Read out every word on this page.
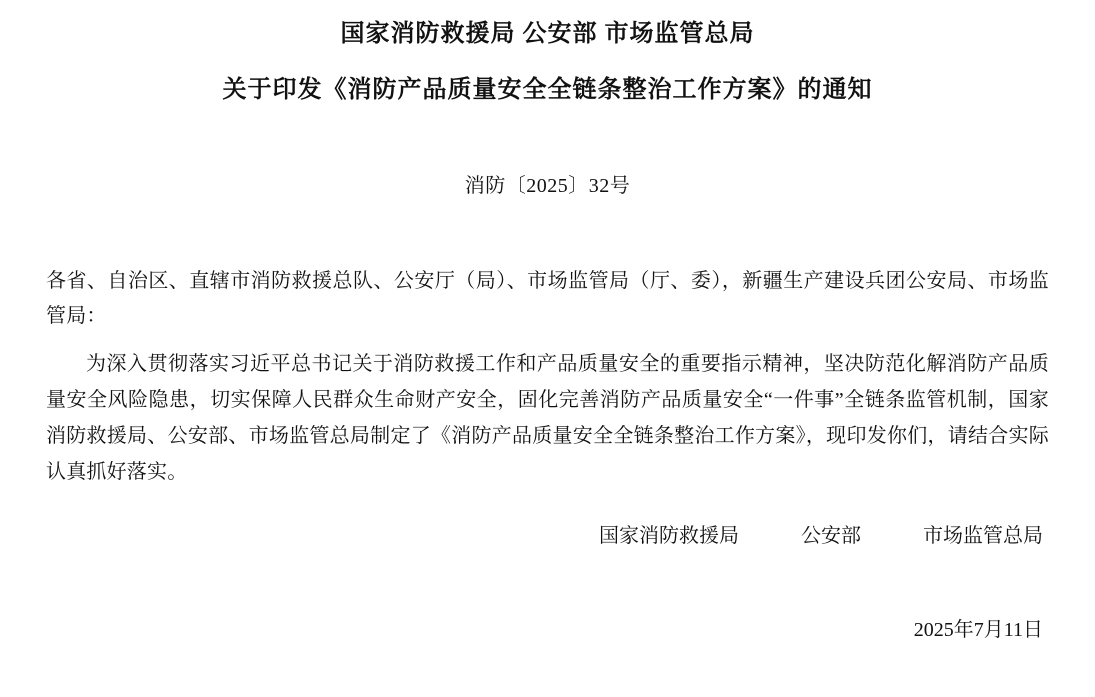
国家消防救援局 公安部 市场监管总局
关于印发《消防产品质量安全全链条整治工作方案》的通知
消防〔2025〕32号
各省、自治区、直辖市消防救援总队、公安厅（局）、市场监管局（厅、委），新疆生产建设兵团公安局、市场监管局：
为深入贯彻落实习近平总书记关于消防救援工作和产品质量安全的重要指示精神，坚决防范化解消防产品质量安全风险隐患，切实保障人民群众生命财产安全，固化完善消防产品质量安全“一件事”全链条监管机制，国家消防救援局、公安部、市场监管总局制定了《消防产品质量安全全链条整治工作方案》，现印发你们，请结合实际认真抓好落实。
国家消防救援局	公安部	市场监管总局
2025年7月11日
